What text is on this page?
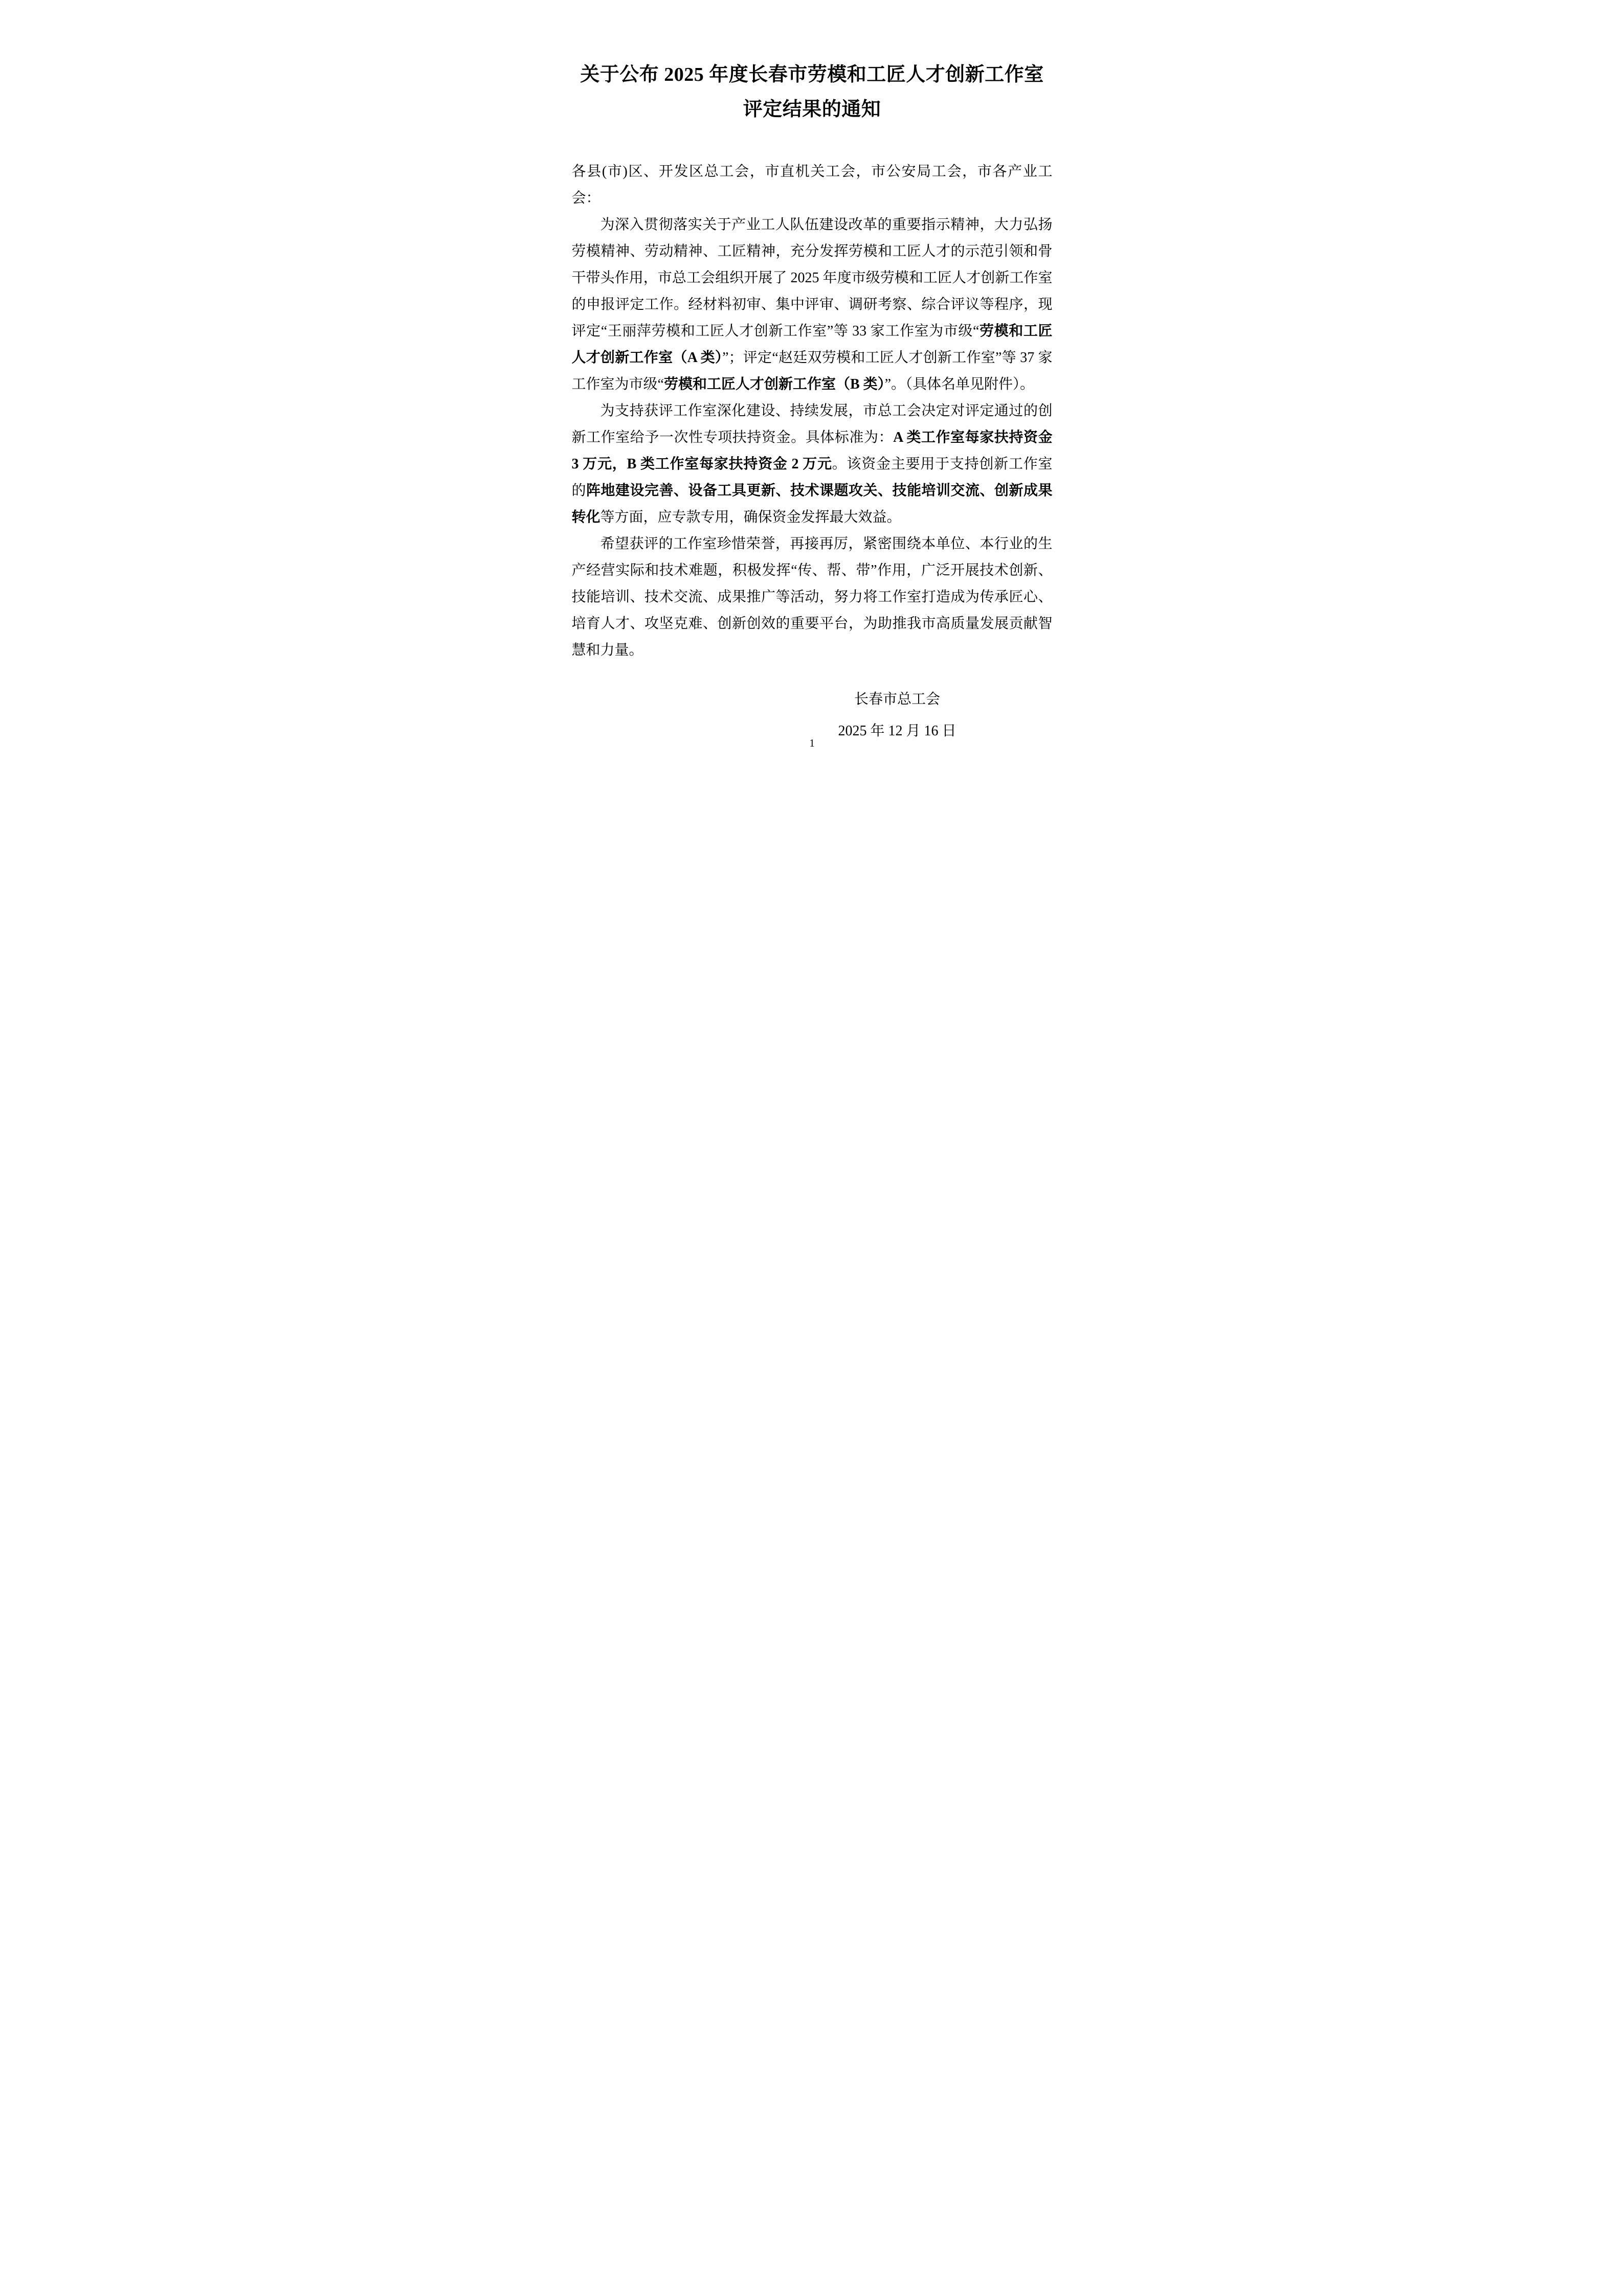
关于公布 2025 年度长春市劳模和工匠人才创新工作室
评定结果的通知

各县(市)区、开发区总工会，市直机关工会，市公安局工会，市各产业工会：

为深入贯彻落实关于产业工人队伍建设改革的重要指示精神，大力弘扬劳模精神、劳动精神、工匠精神，充分发挥劳模和工匠人才的示范引领和骨干带头作用，市总工会组织开展了 2025 年度市级劳模和工匠人才创新工作室的申报评定工作。经材料初审、集中评审、调研考察、综合评议等程序，现评定“王丽萍劳模和工匠人才创新工作室”等 33 家工作室为市级“劳模和工匠人才创新工作室（A 类）”；评定“赵廷双劳模和工匠人才创新工作室”等 37 家工作室为市级“劳模和工匠人才创新工作室（B 类）”。（具体名单见附件）。

为支持获评工作室深化建设、持续发展，市总工会决定对评定通过的创新工作室给予一次性专项扶持资金。具体标准为：A 类工作室每家扶持资金 3 万元，B 类工作室每家扶持资金 2 万元。该资金主要用于支持创新工作室的阵地建设完善、设备工具更新、技术课题攻关、技能培训交流、创新成果转化等方面，应专款专用，确保资金发挥最大效益。

希望获评的工作室珍惜荣誉，再接再厉，紧密围绕本单位、本行业的生产经营实际和技术难题，积极发挥“传、帮、带”作用，广泛开展技术创新、技能培训、技术交流、成果推广等活动，努力将工作室打造成为传承匠心、培育人才、攻坚克难、创新创效的重要平台，为助推我市高质量发展贡献智慧和力量。

长春市总工会
2025 年 12 月 16 日
1
